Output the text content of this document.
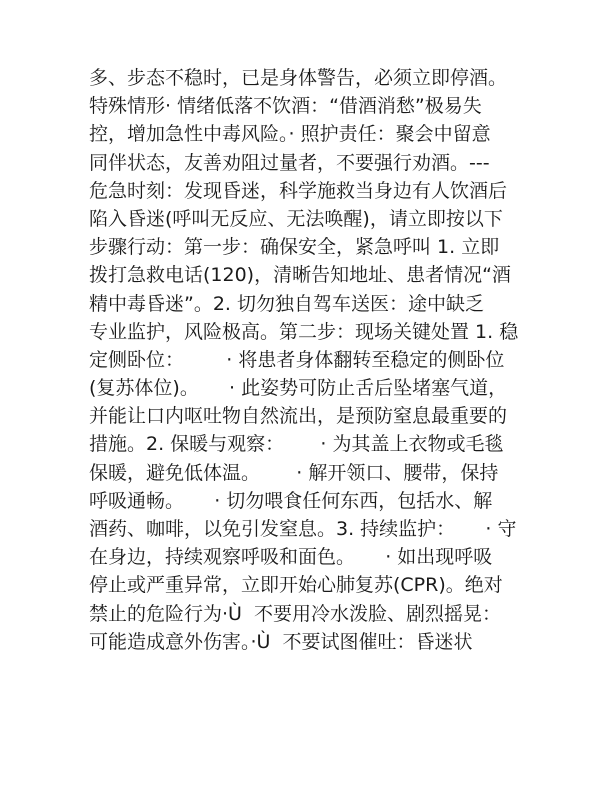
多、步态不稳时，已是身体警告，必须立即停酒。
特殊情形· 情绪低落不饮酒：“借酒消愁”极易失
控，增加急性中毒风险。· 照护责任：聚会中留意
同伴状态，友善劝阻过量者，不要强行劝酒。---
危急时刻：发现昏迷，科学施救当身边有人饮酒后
陷入昏迷(呼叫无反应、无法唤醒)，请立即按以下
步骤行动：第一步：确保安全，紧急呼叫 1. 立即
拨打急救电话(120)，清晰告知地址、患者情况“酒
精中毒昏迷”。2. 切勿独自驾车送医：途中缺乏
专业监护，风险极高。第二步：现场关键处置 1. 稳
定侧卧位：       · 将患者身体翻转至稳定的侧卧位
(复苏体位)。     · 此姿势可防止舌后坠堵塞气道，
并能让口内呕吐物自然流出，是预防窒息最重要的
措施。2. 保暖与观察：      · 为其盖上衣物或毛毯
保暖，避免低体温。      · 解开领口、腰带，保持
呼吸通畅。     · 切勿喂食任何东西，包括水、解
酒药、咖啡，以免引发窒息。3. 持续监护：     · 守
在身边，持续观察呼吸和面色。     · 如出现呼吸
停止或严重异常，立即开始心肺复苏(CPR)。绝对
禁止的危险行为·Ù  不要用冷水泼脸、剧烈摇晃：
可能造成意外伤害。·Ù  不要试图催吐：昏迷状
